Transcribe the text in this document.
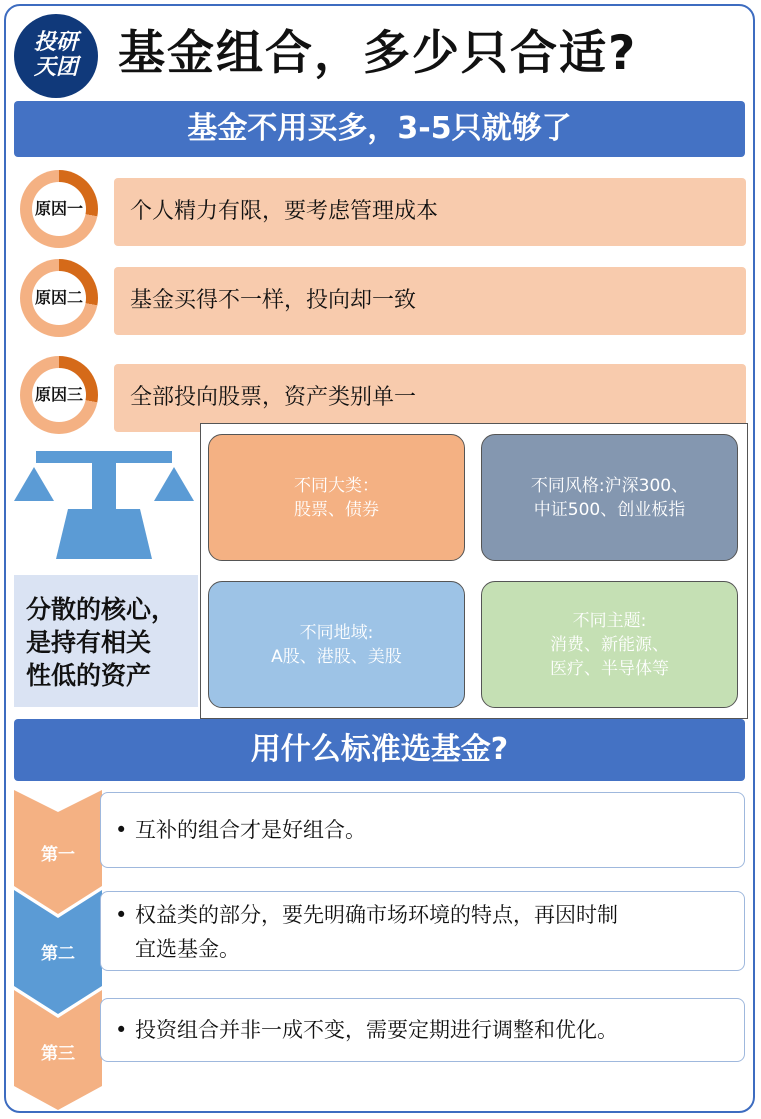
投研
天团 基金组合，多少只合适?
基金不用买多，3-5只就够了
原因一	个人精力有限，要考虑管理成本
原因二	基金买得不一样，投向却一致
原因三	全部投向股票，资产类别单一
分散的核心，
是持有相关
性低的资产
不同大类：
股票、债券
不同风格:沪深300、
中证500、创业板指
不同地域:
A股、港股、美股
不同主题:
消费、新能源、
医疗、半导体等
用什么标准选基金?
第一
第二
第三
• 互补的组合才是好组合。
• 权益类的部分，要先明确市场环境的特点，再因时制
宜选基金。
• 投资组合并非一成不变，需要定期进行调整和优化。
